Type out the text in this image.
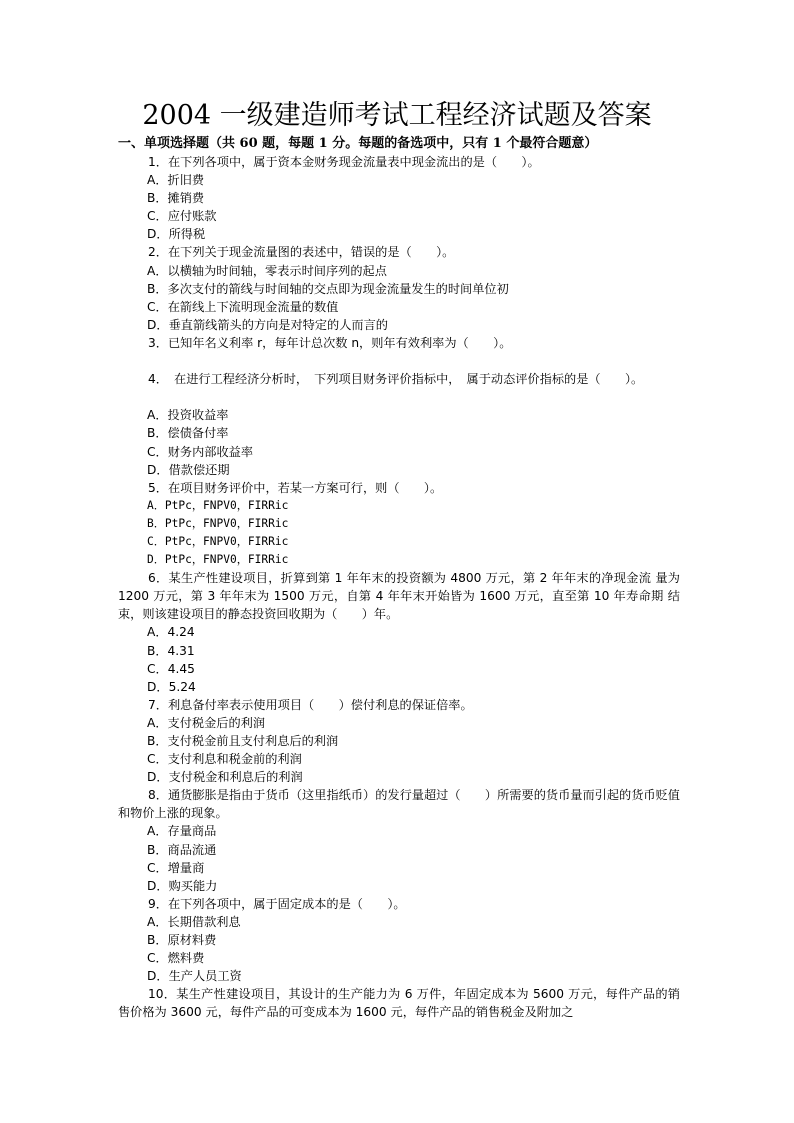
2004 一级建造师考试工程经济试题及答案
一、单项选择题（共 60 题，每题 1 分。每题的备选项中，只有 1 个最符合题意）
1．在下列各项中，属于资本金财务现金流量表中现金流出的是（　　）。
A．折旧费
B．摊销费
C．应付账款
D．所得税
2．在下列关于现金流量图的表述中，错误的是（　　）。
A．以横轴为时间轴，零表示时间序列的起点
B．多次支付的箭线与时间轴的交点即为现金流量发生的时间单位初
C．在箭线上下流明现金流量的数值
D．垂直箭线箭头的方向是对特定的人而言的
3．已知年名义利率 r，每年计总次数 n，则年有效利率为（　　）。
4．　在进行工程经济分析时，　下列项目财务评价指标中，　属于动态评价指标的是（　　）。
A．投资收益率
B．偿债备付率
C．财务内部收益率
D．借款偿还期
5．在项目财务评价中，若某一方案可行，则（　　）。
A．PtPc，FNPV0，FIRRic
B．PtPc，FNPV0，FIRRic
C．PtPc，FNPV0，FIRRic
D．PtPc，FNPV0，FIRRic
6．某生产性建设项目，折算到第 1 年年末的投资额为 4800 万元，第 2 年年末的净现金流 量为 1200 万元，第 3 年年末为 1500 万元，自第 4 年年末开始皆为 1600 万元，直至第 10 年寿命期 结束，则该建设项目的静态投资回收期为（　　）年。
A．4.24
B．4.31
C．4.45
D．5.24
7．利息备付率表示使用项目（　　）偿付利息的保证倍率。
A．支付税金后的利润
B．支付税金前且支付利息后的利润
C．支付利息和税金前的利润
D．支付税金和利息后的利润
8．通货膨胀是指由于货币（这里指纸币）的发行量超过（　　）所需要的货币量而引起的货币贬值和物价上涨的现象。
A．存量商品
B．商品流通
C．增量商
D．购买能力
9．在下列各项中，属于固定成本的是（　　）。
A．长期借款利息
B．原材料费
C．燃料费
D．生产人员工资
10．某生产性建设项目，其设计的生产能力为 6 万件，年固定成本为 5600 万元，每件产品的销售价格为 3600 元，每件产品的可变成本为 1600 元，每件产品的销售税金及附加之
